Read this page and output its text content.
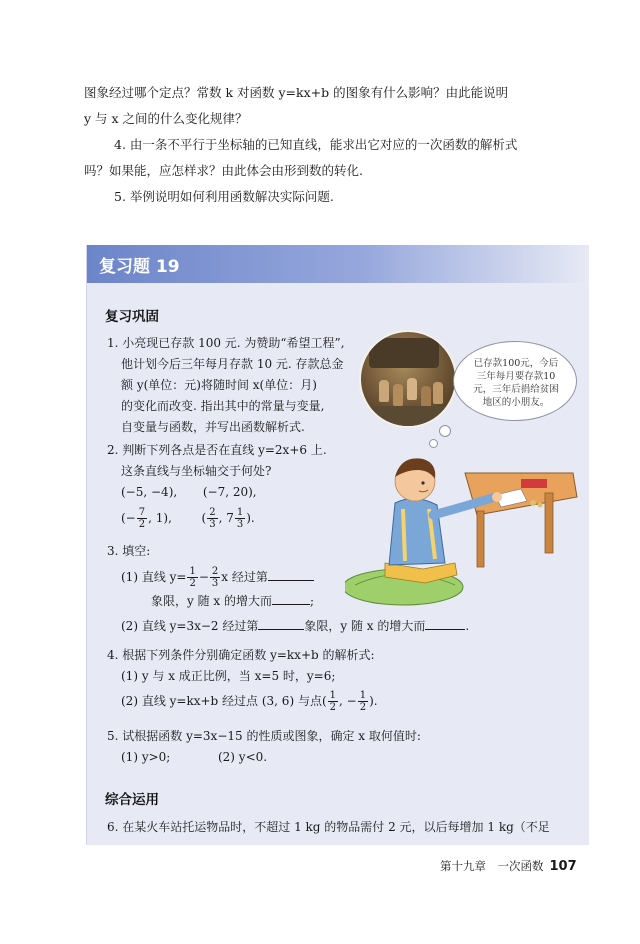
图象经过哪个定点？常数 k 对函数 y=kx+b 的图象有什么影响？由此能说明

y 与 x 之间的什么变化规律？

4. 由一条不平行于坐标轴的已知直线，能求出它对应的一次函数的解析式

吗？如果能，应怎样求？由此体会由形到数的转化.

5. 举例说明如何利用函数解决实际问题.

复习题 19
复习巩固
1. 小亮现已存款 100 元. 为赞助“希望工程”,
他计划今后三年每月存款 10 元. 存款总金
额 y(单位：元)将随时间 x(单位：月)
的变化而改变. 指出其中的常量与变量,
自变量与函数，并写出函数解析式.
2. 判断下列各点是否在直线 y=2x+6 上.
这条直线与坐标轴交于何处?
(−5, −4), (−7, 20),
(− $\frac{7}{2}$ , 1), ( $\frac{2}{3}$ , $7 \frac{1}{3}$ ).
3. 填空:
(1) 直线 $y= \frac{1}{2} - \frac{2}{3}$ x 经过第
象限，y 随 x 的增大而	;
(2) 直线 y=3x−2 经过第	象限，y 随 x 的增大而	.
4. 根据下列条件分别确定函数 y=kx+b 的解析式:
(1) y 与 x 成正比例，当 x=5 时，y=6;
(2) 直线 y=kx+b 经过点 (3, 6) 与点( $\frac{1}{2}$ , − $\frac{1}{2}$ ).
5. 试根据函数 y=3x−15 的性质或图象，确定 x 取何值时:
(1) y>0;	(2) y<0.
综合运用
6. 在某火车站托运物品时，不超过 1 kg 的物品需付 2 元，以后每增加 1 kg（不足
已存款100元，今后三年每月要存款10元，三年后捐给贫困地区的小朋友。
第十九章　一次函数 107
